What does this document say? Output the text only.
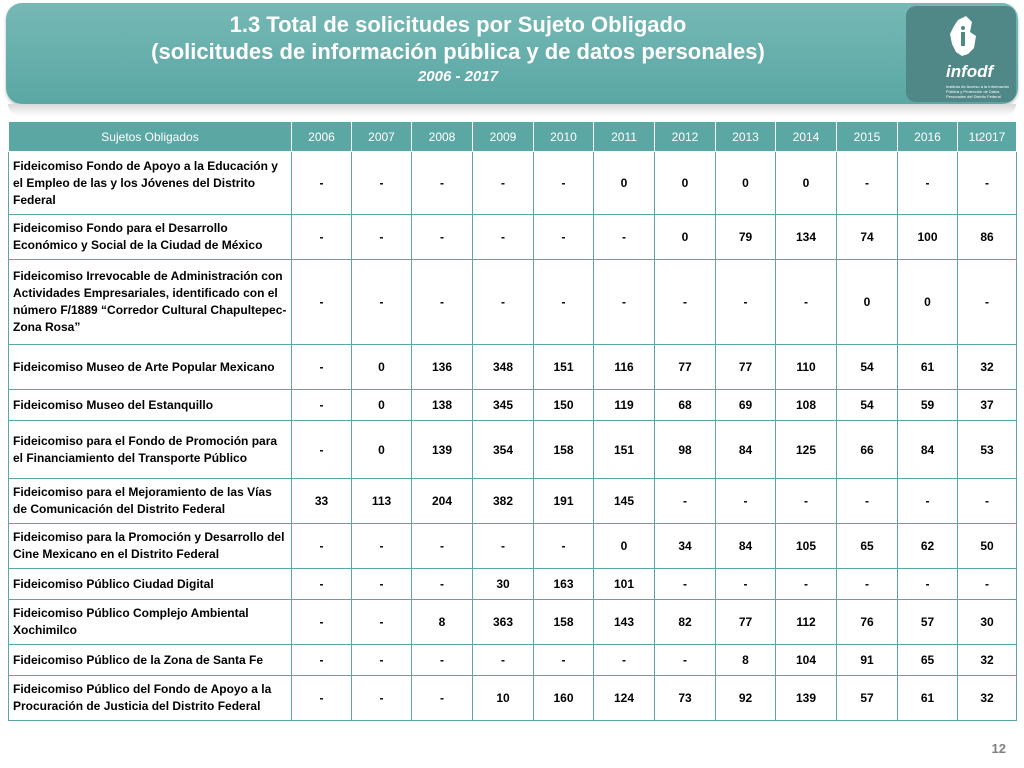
1.3 Total de solicitudes por Sujeto Obligado
(solicitudes de información pública y de datos personales)
2006 - 2017	infodf
Instituto de Acceso a la Información Pública y Protección de Datos Personales del Distrito Federal
Sujetos Obligados	2006	2007	2008	2009	2010	2011	2012	2013	2014	2015	2016	1t2017
Fideicomiso Fondo de Apoyo a la Educación y el Empleo de las y los Jóvenes del Distrito Federal	-	-	-	-	-	0	0	0	0	-	-	-
Fideicomiso Fondo para el Desarrollo Económico y Social de la Ciudad de México	-	-	-	-	-	-	0	79	134	74	100	86
Fideicomiso Irrevocable de Administración con Actividades Empresariales, identificado con el número F/1889 “Corredor Cultural Chapultepec-Zona Rosa”	-	-	-	-	-	-	-	-	-	0	0	-
Fideicomiso Museo de Arte Popular Mexicano	-	0	136	348	151	116	77	77	110	54	61	32
Fideicomiso Museo del Estanquillo	-	0	138	345	150	119	68	69	108	54	59	37
Fideicomiso para el Fondo de Promoción para el Financiamiento del Transporte Público	-	0	139	354	158	151	98	84	125	66	84	53
Fideicomiso para el Mejoramiento de las Vías de Comunicación del Distrito Federal	33	113	204	382	191	145	-	-	-	-	-	-
Fideicomiso para la Promoción y Desarrollo del Cine Mexicano en el Distrito Federal	-	-	-	-	-	0	34	84	105	65	62	50
Fideicomiso Público Ciudad Digital	-	-	-	30	163	101	-	-	-	-	-	-
Fideicomiso Público Complejo Ambiental Xochimilco	-	-	8	363	158	143	82	77	112	76	57	30
Fideicomiso Público de la Zona de Santa Fe	-	-	-	-	-	-	-	8	104	91	65	32
Fideicomiso Público del Fondo de Apoyo a la Procuración de Justicia del Distrito Federal	-	-	-	10	160	124	73	92	139	57	61	32
12
